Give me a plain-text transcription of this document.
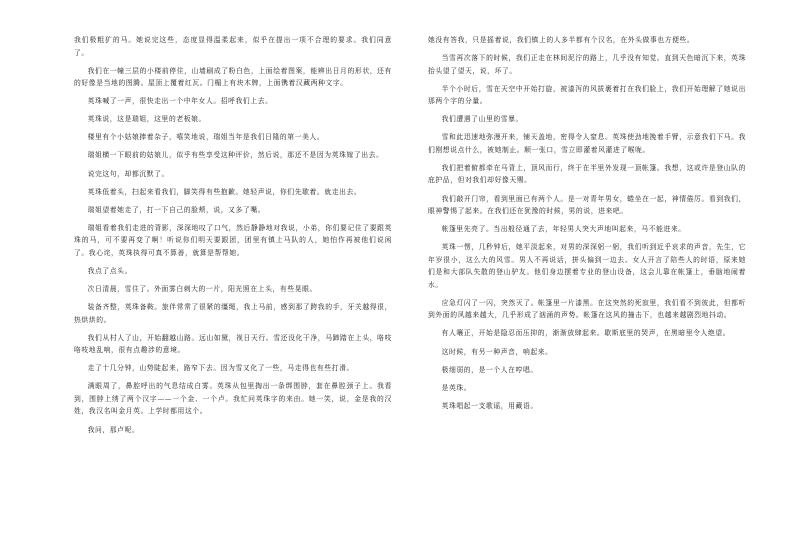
我们极粗犷的马。她说完这些，态度显得温柔起来，似乎在提出一项不合理的要求。我们同意了。

我们在一幢三层的小楼前停住，山墙刷成了粉白色，上面绘着图案，能辨出日月的形状，还有的好像是当地的图腾。屋顶上覆着红瓦。门楣上有块木牌，上面镌着汉藏两种文字。

英珠喊了一声，很快走出一个中年女人。招呼我们上去。

英珠说，这是瑞姐，这里的老板娘。

楼里有个小姑娘捧着杂子，嘻笑地说，瑞姐当年是我们日隆的第一美人。

瑞姐横一下眼前的姑娘儿，似乎有些享受这种评价，然后说，那还不是因为英珠嫁了出去。

说完这句，却都沉默了。

英珠低着头，扫起来看我们，脚笑得有些抱歉。她轻声说，你们先歇着。就走出去。

瑞姐望着她走了，打一下自己的脸颊，说，又多了嘴。

瑞姐看着我们走进的背影，深深地叹了口气，然后静静地对我说，小弟，你们要记住了要跟英珠的马，可不要再变了啊！听说你们明天要跟团，团里有镇上马队的人，她怕作再被他们说闲了。我心诧，英珠执得可真不算善，就算是帮帮她。

我点了点头。

次日清晨，雪住了。外面雾白刺大的一片，阳光照在上头，有些晃眼。

装备齐整，英珠备鞍。旅伴常常了很紧的缰绳，我上马前，感到那了跨我的手，牙关越得很，热烘烘的。

我们从村人了山，开始翻越山路。远山如黛，视日天行。雪还没化干净，马蹄踏在上头，咯吱咯吱地乱响，很有点趣涉的意境。

走了十几分钟，山势陡起来，路窄下去。因为雪又化了一些，马走得也有些打滑。

满眼周了，鼻腔呼出的气息结成白雾。英珠从包里掏出一条绑围脖，套在鼻腔颈子上。我看到，围脖上绣了两个汉字——一个金、一个卢。我忙问英珠字的来由。她一笑，说，金是我的汉姓，我汉名叫金月英。上学时都用这个。

我问，那卢呢。

她没有答我，只是摇着说，我们镇上的人多半都有个汉名，在外头做事也方便些。

当雪再次落下的时候，我们正走在林间泥泞的路上，几乎没有知觉。直到天色暗沉下来，英珠抬头望了望天，说，坏了。

半个小时后，雪在天空中开始打旋，被漆泻的风拔裹着打在我们脸上，我们开始理解了她说出那两个字的分量。

我们遭遇了山里的雪暴。

雪和此迅速地弥漫开来，铺天盖地，密得令人窒息。英珠使劲地挽着手臂，示意我们下马。我们刚想说点什么，被她制止。顺一张口，雪立即灌着风灌进了喉咙。

我们把着俯都牵在马背上，顶风而行，终于在半里外发现一顶帐篷。我想，这或许是登山队的庇护品，但对我们却好像天赐。

我们敲开门帘，看到里面已有两个人。是一对青年男女，蜷坐在一起，神情倦厉。看到我们，眼神警惕了起来。在我们还在犹豫的时候，男的说，进来吧。

帐篷里先亮了。当出般径通了去，年轻男人突大声地叫起来，马不能进来。

英珠一愣，几秒钟后，她平淡起来，对男的深深躬一躬，我们听到近乎哀求的声音，先生，它年岁很小，这么大的风雪。男人不再说话，拼头偏到一边去。女人开言了陪些人的时语，原来她们是和大部队失散的登山驴友。他们身边摆着专业的登山设备，这会儿靠在帐篷上，垂脑地闹着水。

应急灯闪了一闪，突然灭了。帐篷里一片漆黑。在这突然的死寂里，我们看不到彼此，但都听到外面的风越来越大，几乎形成了汹涌的声势。帐篷在这风的撞击下，也越来越剧烈地抖动。

有人嚷正，开始是隐忍而压抑的，渐渐放肆起来。歇斯底里的哭声，在黑暗里令人绝望。

这时候，有另一种声音，响起来。

极细弱的，是一个人在哼唱。

是英珠。

英珠唱起一支歌谣，用藏语。
